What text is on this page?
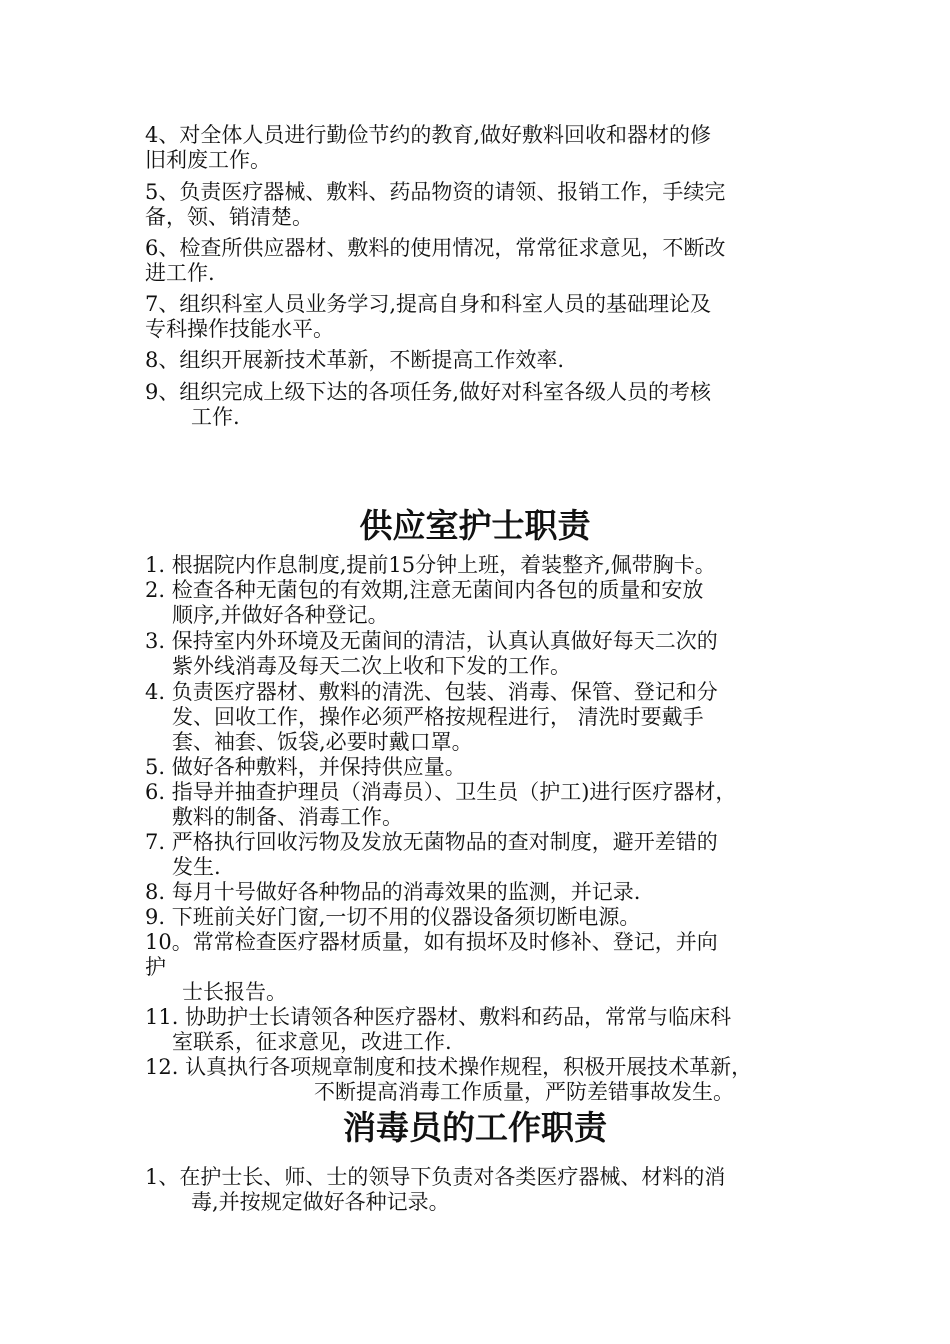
4、对全体人员进行勤俭节约的教育,做好敷料回收和器材的修
旧利废工作。
5、负责医疗器械、敷料、药品物资的请领、报销工作，手续完
备，领、销清楚。
6、检查所供应器材、敷料的使用情况，常常征求意见，不断改
进工作.
7、组织科室人员业务学习,提高自身和科室人员的基础理论及
专科操作技能水平。
8、组织开展新技术革新，不断提高工作效率.
9、组织完成上级下达的各项任务,做好对科室各级人员的考核
工作.
供应室护士职责
1. 根据院内作息制度,提前15分钟上班，着装整齐,佩带胸卡。
2. 检查各种无菌包的有效期,注意无菌间内各包的质量和安放
顺序,并做好各种登记。
3. 保持室内外环境及无菌间的清洁，认真认真做好每天二次的
紫外线消毒及每天二次上收和下发的工作。
4. 负责医疗器材、敷料的清洗、包装、消毒、保管、登记和分
发、回收工作，操作必须严格按规程进行， 清洗时要戴手
套、袖套、饭袋,必要时戴口罩。
5. 做好各种敷料，并保持供应量。
6. 指导并抽查护理员（消毒员）、卫生员（护工)进行医疗器材，
敷料的制备、消毒工作。
7. 严格执行回收污物及发放无菌物品的查对制度，避开差错的
发生.
8. 每月十号做好各种物品的消毒效果的监测，并记录.
9. 下班前关好门窗,一切不用的仪器设备须切断电源。
10。常常检查医疗器材质量，如有损坏及时修补、登记，并向
护
士长报告。
11. 协助护士长请领各种医疗器材、敷料和药品，常常与临床科
室联系，征求意见，改进工作.
12. 认真执行各项规章制度和技术操作规程，积极开展技术革新，
不断提高消毒工作质量，严防差错事故发生。
消毒员的工作职责
1、在护士长、师、士的领导下负责对各类医疗器械、材料的消
毒,并按规定做好各种记录。
